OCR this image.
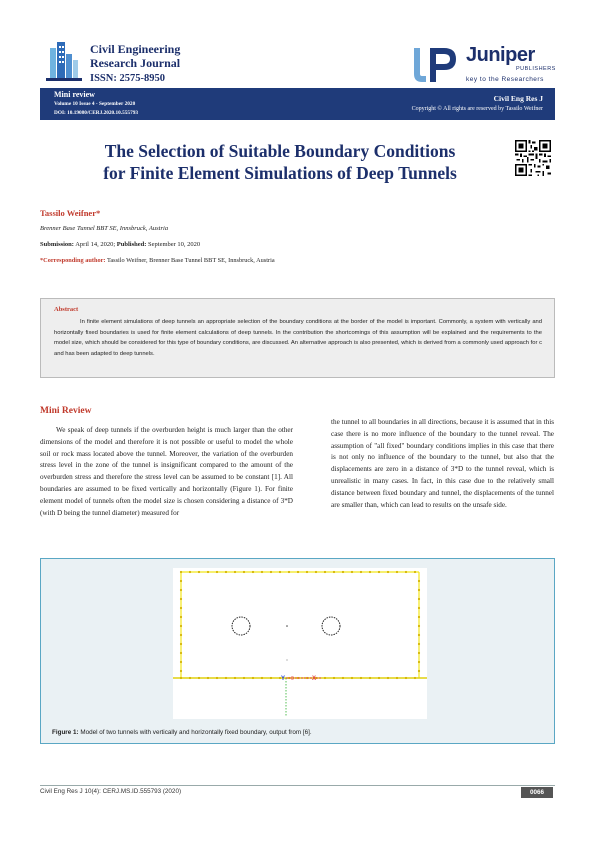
Civil Engineering
Research Journal
ISSN: 2575-8950
Juniper
PUBLISHERS
key to the Researchers
Mini review
Volume 10 Issue 4 - September 2020
DOI: 10.19080/CERJ.2020.10.555793
Civil Eng Res J
Copyright © All rights are reserved by Tassilo Weifner
The Selection of Suitable Boundary Conditions
for Finite Element Simulations of Deep Tunnels
Tassilo Weifner*
Brenner Base Tunnel BBT SE, Innsbruck, Austria
Submission: April 14, 2020; Published: September 10, 2020
*Corresponding author: Tassilo Weifner, Brenner Base Tunnel BBT SE, Innsbruck, Austria
Abstract
In finite element simulations of deep tunnels an appropriate selection of the boundary conditions at the border of the model is important. Commonly, a system with vertically and horizontally fixed boundaries is used for finite element calculations of deep tunnels. In the contribution the shortcomings of this assumption will be explained and the requirements to the model size, which should be considered for this type of boundary conditions, are discussed. An alternative approach is also presented, which is derived from a commonly used approach for c and has been adapted to deep tunnels.
Mini Review
We speak of deep tunnels if the overburden height is much larger than the other dimensions of the model and therefore it is not possible or useful to model the whole soil or rock mass located above the tunnel. Moreover, the variation of the overburden stress level in the zone of the tunnel is insignificant compared to the amount of the overburden stress and therefore the stress level can be assumed to be constant [1]. All boundaries are assumed to be fixed vertically and horizontally (Figure 1). For finite element model of tunnels often the model size is chosen considering a distance of 3*D (with D being the tunnel diameter) measured for
the tunnel to all boundaries in all directions, because it is assumed that in this case there is no more influence of the boundary to the tunnel reveal. The assumption of "all fixed" boundary conditions implies in this case that there is not only no influence of the boundary to the tunnel, but also that the displacements are zero in a distance of 3*D to the tunnel reveal, which is unrealistic in many cases. In fact, in this case due to the relatively small distance between fixed boundary and tunnel, the displacements of the tunnel are smaller than, which can lead to results on the unsafe side.
Y	X
0
Figure 1: Model of two tunnels with vertically and horizontally fixed boundary, output from [6].
Civil Eng Res J 10(4): CERJ.MS.ID.555793 (2020)	0066
